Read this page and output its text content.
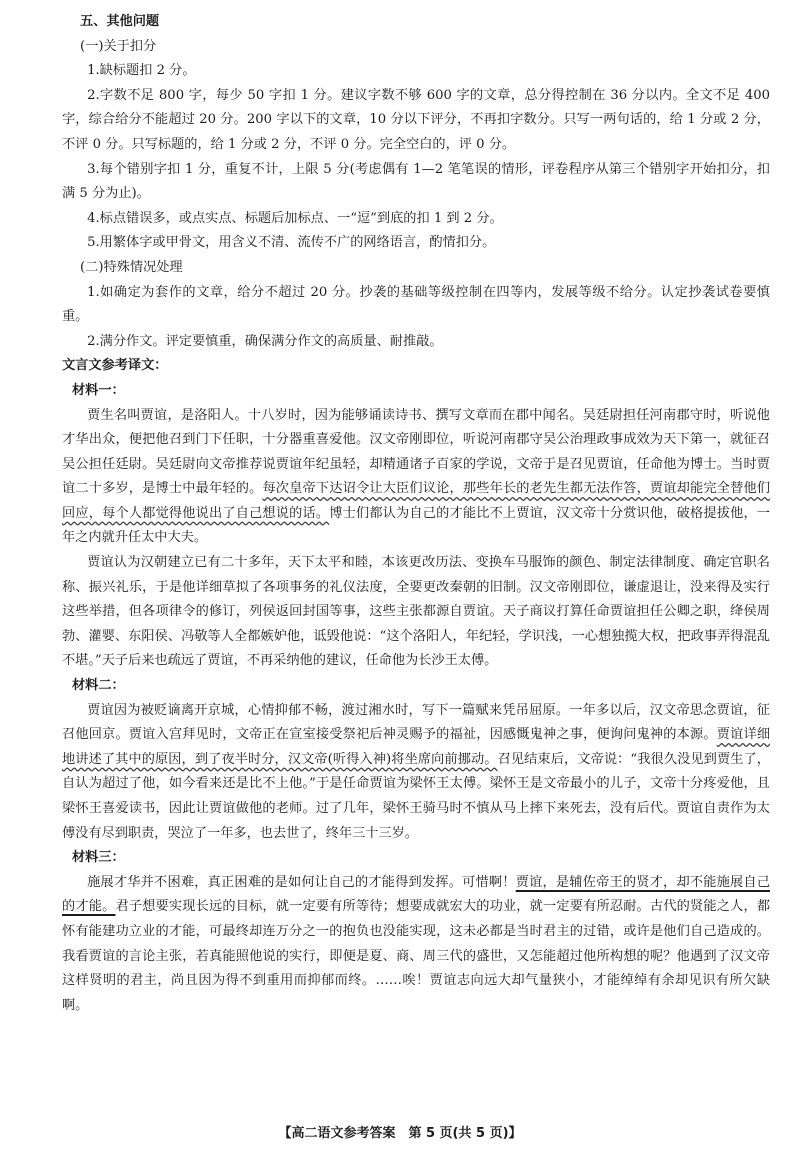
五、其他问题
(一)关于扣分

1.缺标题扣 2 分。

2.字数不足 800 字，每少 50 字扣 1 分。建议字数不够 600 字的文章，总分得控制在 36 分以内。全文不足 400 字，综合给分不能超过 20 分。200 字以下的文章，10 分以下评分，不再扣字数分。只写一两句话的，给 1 分或 2 分，不评 0 分。只写标题的，给 1 分或 2 分，不评 0 分。完全空白的，评 0 分。

3.每个错别字扣 1 分，重复不计，上限 5 分(考虑偶有 1—2 笔笔误的情形，评卷程序从第三个错别字开始扣分，扣满 5 分为止)。

4.标点错误多，或点实点、标题后加标点、一“逗”到底的扣 1 到 2 分。

5.用繁体字或甲骨文，用含义不清、流传不广的网络语言，酌情扣分。

(二)特殊情况处理

1.如确定为套作的文章，给分不超过 20 分。抄袭的基础等级控制在四等内，发展等级不给分。认定抄袭试卷要慎重。

2.满分作文。评定要慎重，确保满分作文的高质量、耐推敲。

文言文参考译文：
材料一：

贾生名叫贾谊，是洛阳人。十八岁时，因为能够诵读诗书、撰写文章而在郡中闻名。吴廷尉担任河南郡守时，听说他才华出众，便把他召到门下任职，十分器重喜爱他。汉文帝刚即位，听说河南郡守吴公治理政事成效为天下第一，就征召吴公担任廷尉。吴廷尉向文帝推荐说贾谊年纪虽轻，却精通诸子百家的学说，文帝于是召见贾谊，任命他为博士。当时贾谊二十多岁，是博士中最年轻的。每次皇帝下达诏令让大臣们议论，那些年长的老先生都无法作答，贾谊却能完全替他们回应，每个人都觉得他说出了自己想说的话。博士们都认为自己的才能比不上贾谊，汉文帝十分赏识他，破格提拔他，一年之内就升任太中大夫。

贾谊认为汉朝建立已有二十多年，天下太平和睦，本该更改历法、变换车马服饰的颜色、制定法律制度、确定官职名称、振兴礼乐，于是他详细草拟了各项事务的礼仪法度，全要更改秦朝的旧制。汉文帝刚即位，谦虚退让，没来得及实行这些举措，但各项律令的修订，列侯返回封国等事，这些主张都源自贾谊。天子商议打算任命贾谊担任公卿之职，绛侯周勃、灌婴、东阳侯、冯敬等人全都嫉妒他，诋毁他说：“这个洛阳人，年纪轻，学识浅，一心想独揽大权，把政事弄得混乱不堪。”天子后来也疏远了贾谊，不再采纳他的建议，任命他为长沙王太傅。

材料二：

贾谊因为被贬谪离开京城，心情抑郁不畅，渡过湘水时，写下一篇赋来凭吊屈原。一年多以后，汉文帝思念贾谊，征召他回京。贾谊入宫拜见时，文帝正在宣室接受祭祀后神灵赐予的福祉，因感慨鬼神之事，便询问鬼神的本源。贾谊详细地讲述了其中的原因，到了夜半时分，汉文帝(听得入神)将坐席向前挪动。召见结束后，文帝说：“我很久没见到贾生了，自认为超过了他，如今看来还是比不上他。”于是任命贾谊为梁怀王太傅。梁怀王是文帝最小的儿子，文帝十分疼爱他，且梁怀王喜爱读书，因此让贾谊做他的老师。过了几年，梁怀王骑马时不慎从马上摔下来死去，没有后代。贾谊自责作为太傅没有尽到职责，哭泣了一年多，也去世了，终年三十三岁。

材料三：

施展才华并不困难，真正困难的是如何让自己的才能得到发挥。可惜啊！贾谊，是辅佐帝王的贤才，却不能施展自己的才能。君子想要实现长远的目标，就一定要有所等待；想要成就宏大的功业，就一定要有所忍耐。古代的贤能之人，都怀有能建功立业的才能，可最终却连万分之一的抱负也没能实现，这未必都是当时君主的过错，或许是他们自己造成的。我看贾谊的言论主张，若真能照他说的实行，即便是夏、商、周三代的盛世，又怎能超过他所构想的呢？他遇到了汉文帝这样贤明的君主，尚且因为得不到重用而抑郁而终。……唉！贾谊志向远大却气量狭小，才能绰绰有余却见识有所欠缺啊。

【高二语文参考答案　第 5 页(共 5 页)】
